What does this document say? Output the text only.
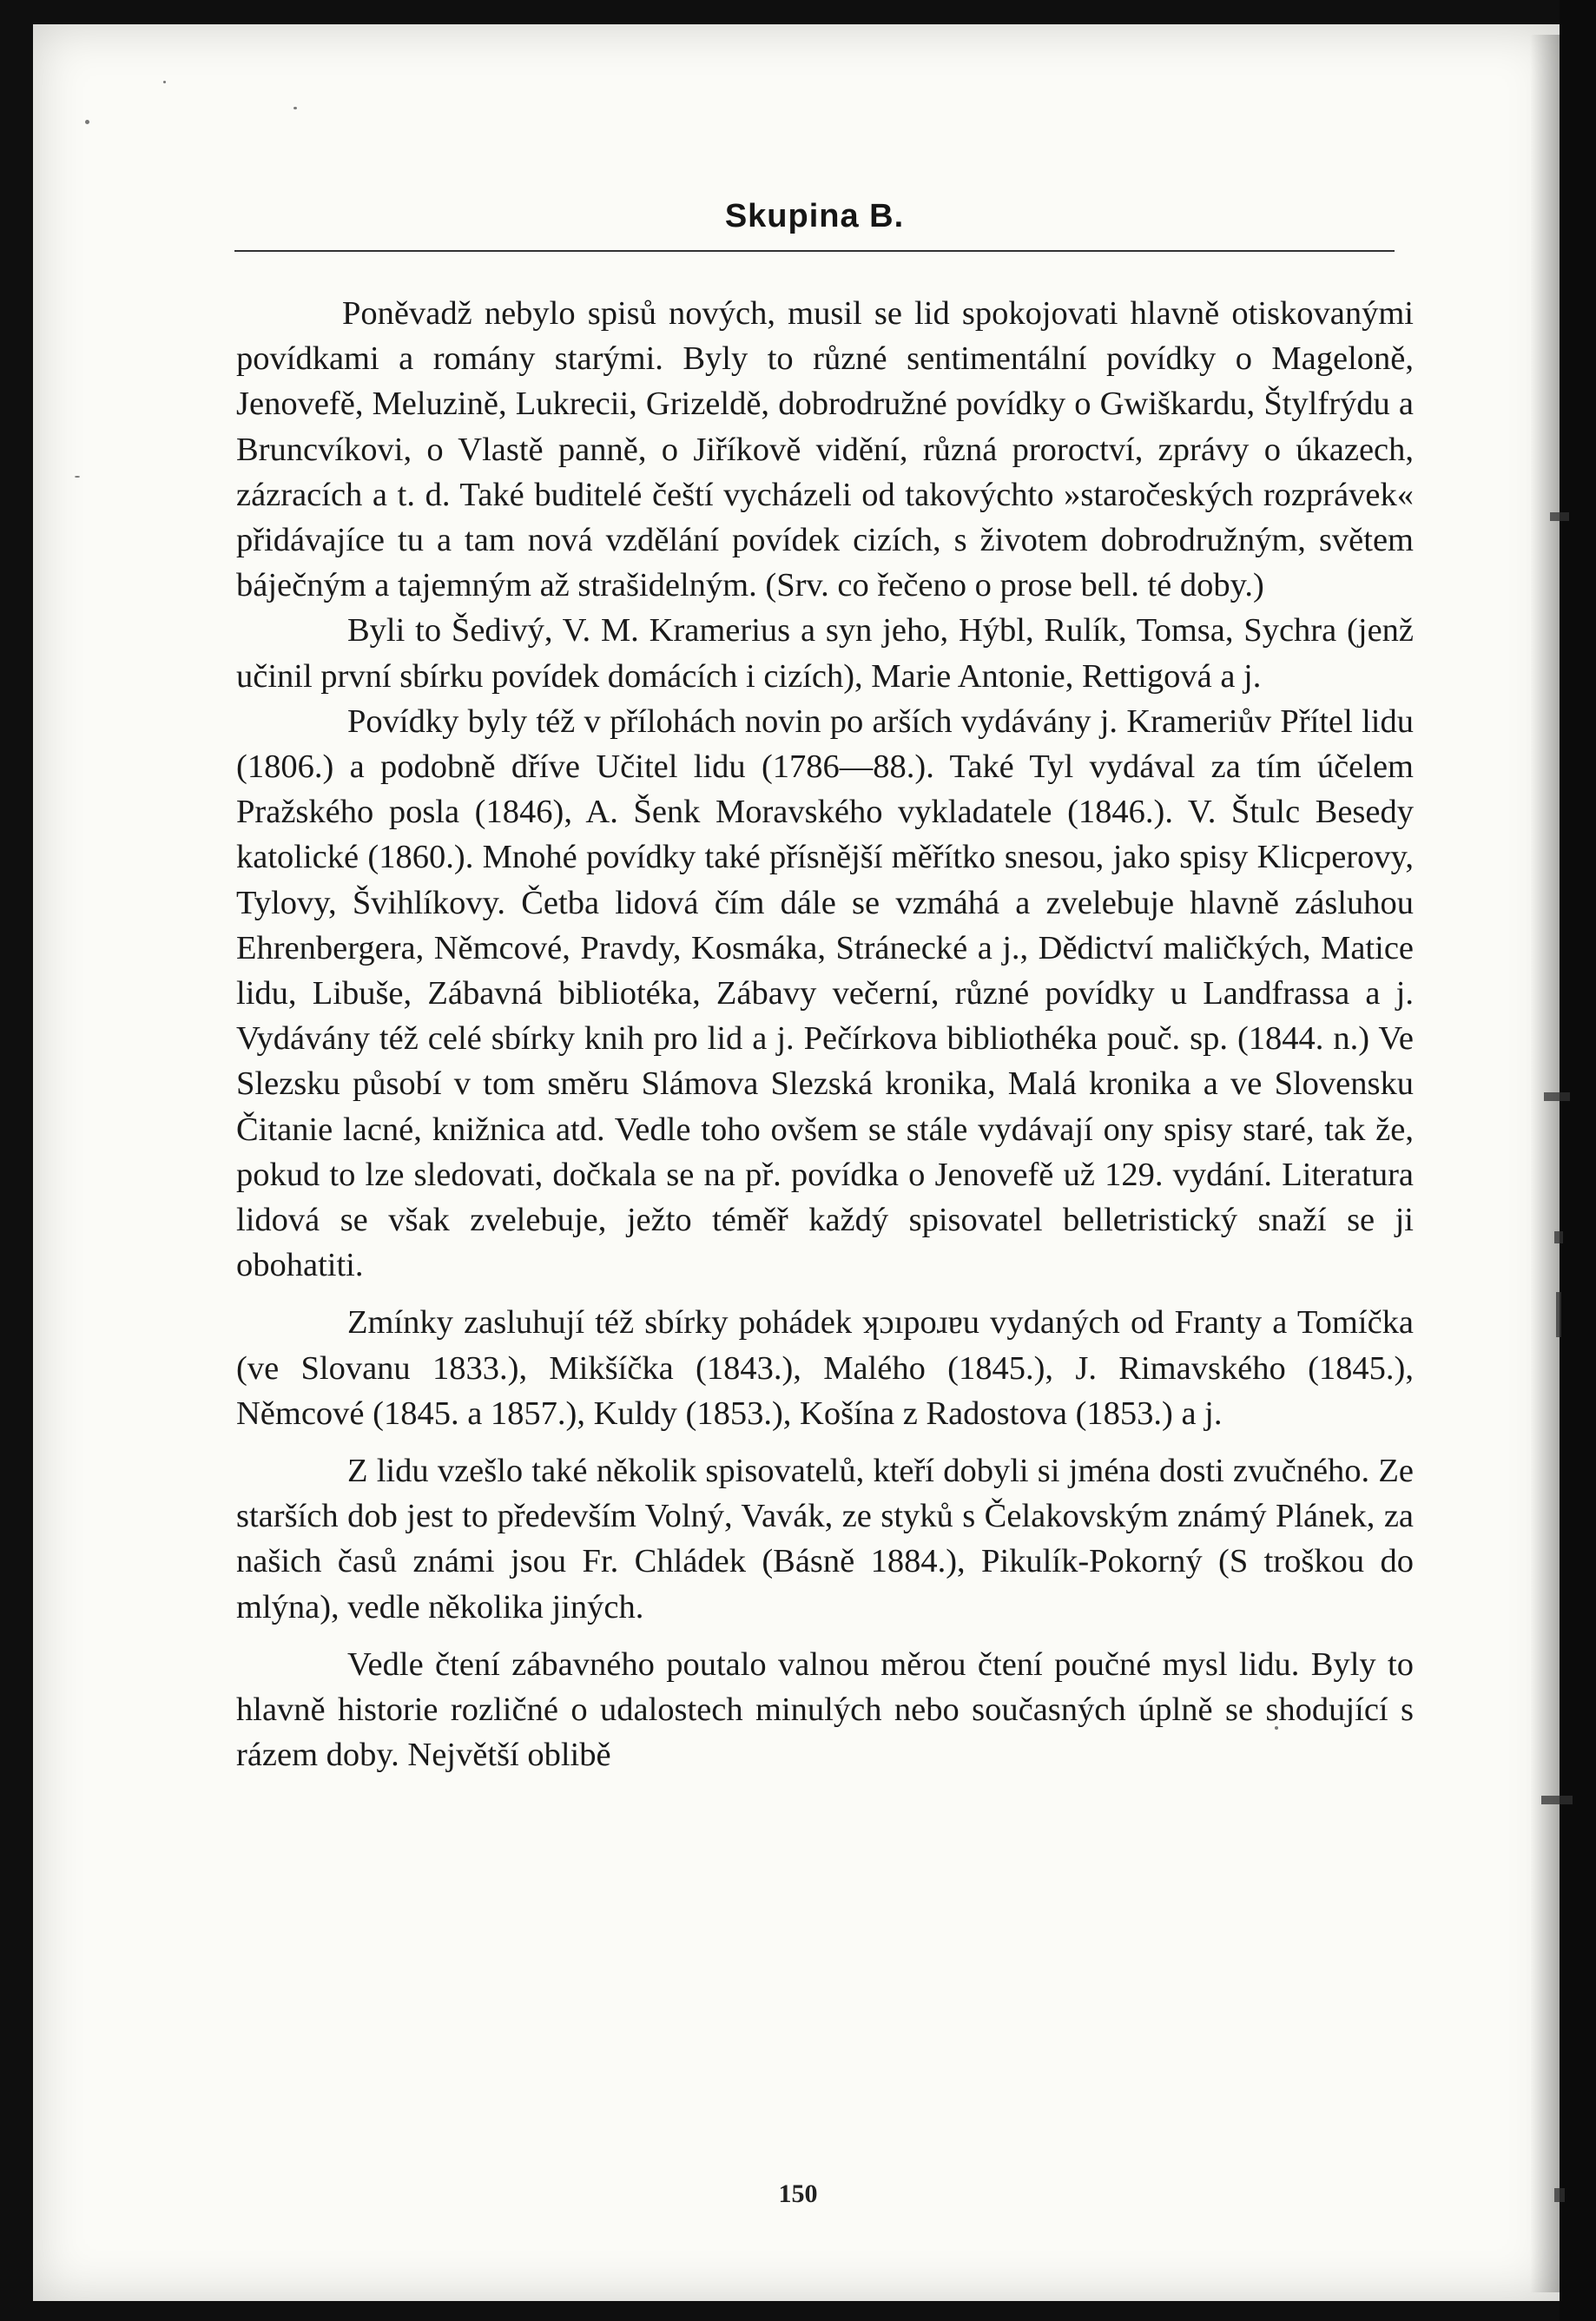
Skupina B.

Poněvadž nebylo spisů nových, musil se lid spokojovati hlavně otiskovanými povídkami a romány starými. Byly to různé sentimentální povídky o Mageloně, Jenovefě, Meluzině, Lukrecii, Grizeldě, dobrodružné povídky o Gwiškardu, Štylfrýdu a Bruncvíkovi, o Vlastě panně, o Jiříkově vidění, různá proroctví, zprávy o úkazech, zázracích a t. d. Také buditelé čeští vycházeli od takovýchto »staročeských rozprávek« přidávajíce tu a tam nová vzdělání povídek cizích, s životem dobrodružným, světem báječným a tajemným až strašidelným. (Srv. co řečeno o prose bell. té doby.)

Byli to Šedivý, V. M. Kramerius a syn jeho, Hýbl, Rulík, Tomsa, Sychra (jenž učinil první sbírku povídek domácích i cizích), Marie Antonie, Rettigová a j.

Povídky byly též v přílohách novin po arších vydávány j. Krameriův Přítel lidu (1806.) a podobně dříve Učitel lidu (1786—88.). Také Tyl vydával za tím účelem Pražského posla (1846), A. Šenk Moravského vykladatele (1846.). V. Štulc Besedy katolické (1860.). Mnohé povídky také přísnější měřítko snesou, jako spisy Klicperovy, Tylovy, Švihlíkovy. Četba lidová čím dále se vzmáhá a zvelebuje hlavně zásluhou Ehrenbergera, Němcové, Pravdy, Kosmáka, Stránecké a j., Dědictví maličkých, Matice lidu, Libuše, Zábavná bibliotéka, Zábavy večerní, různé povídky u Landfrassa a j. Vydávány též celé sbírky knih pro lid a j. Pečírkova bibliothéka pouč. sp. (1844. n.) Ve Slezsku působí v tom směru Slámova Slezská kronika, Malá kronika a ve Slovensku Čitanie lacné, knižnica atd. Vedle toho ovšem se stále vydávají ony spisy staré, tak že, pokud to lze sledovati, dočkala se na př. povídka o Jenovefě už 129. vydání. Literatura lidová se však zvelebuje, ježto téměř každý spisovatel belletristický snaží se ji obohatiti.

Zmínky zasluhují též sbírky pohádek ʞɔıpoɹɐu vydaných od Franty a Tomíčka (ve Slovanu 1833.), Mikšíčka (1843.), Malého (1845.), J. Rimavského (1845.), Němcové (1845. a 1857.), Kuldy (1853.), Košína z Radostova (1853.) a j.

Z lidu vzešlo také několik spisovatelů, kteří dobyli si jména dosti zvučného. Ze starších dob jest to především Volný, Vavák, ze styků s Čelakovským známý Plánek, za našich časů známi jsou Fr. Chládek (Básně 1884.), Pikulík-Pokorný (S troškou do mlýna), vedle několika jiných.

Vedle čtení zábavného poutalo valnou měrou čtení poučné mysl lidu. Byly to hlavně historie rozličné o udalostech minulých nebo současných úplně se shodující s rázem doby. Největší oblibě

150
